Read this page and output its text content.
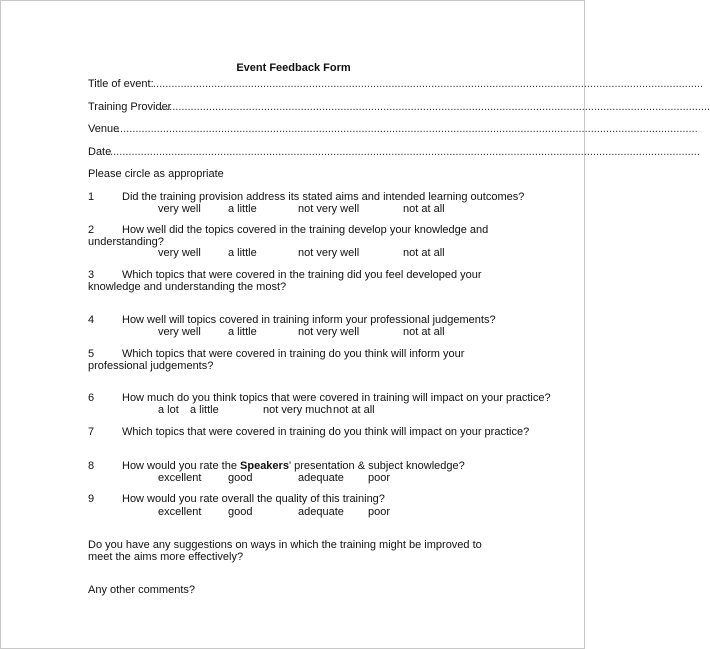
Event Feedback Form
Title of event: ....................................................................................................................................................................................
Training Provider
....................................................................................................................................................................................
Venue
..............................................................................................................................................................................................
Date
..................................................................................................................................................................................................
Please circle as appropriate
1	Did the training provision address its stated aims and intended learning outcomes?
very well a little	not very well	not at all
2	How well did the topics covered in the training develop your knowledge and understanding?
very well a little	not very well	not at all
3	Which topics that were covered in the training did you feel developed your knowledge and understanding the most?
4	How well will topics covered in training inform your professional judgements?
very well a little	not very well	not at all
5	Which topics that were covered in training do you think will inform your professional judgements?
6	How much do you think topics that were covered in training will impact on your practice?
a lot a little	not very much not at all
7	Which topics that were covered in training do you think will impact on your practice?
8	How would you rate the Speakers' presentation & subject knowledge?
excellent good	adequate poor
9	How would you rate overall the quality of this training?
excellent good	adequate poor
Do you have any suggestions on ways in which the training might be improved to meet the aims more effectively?
Any other comments?
